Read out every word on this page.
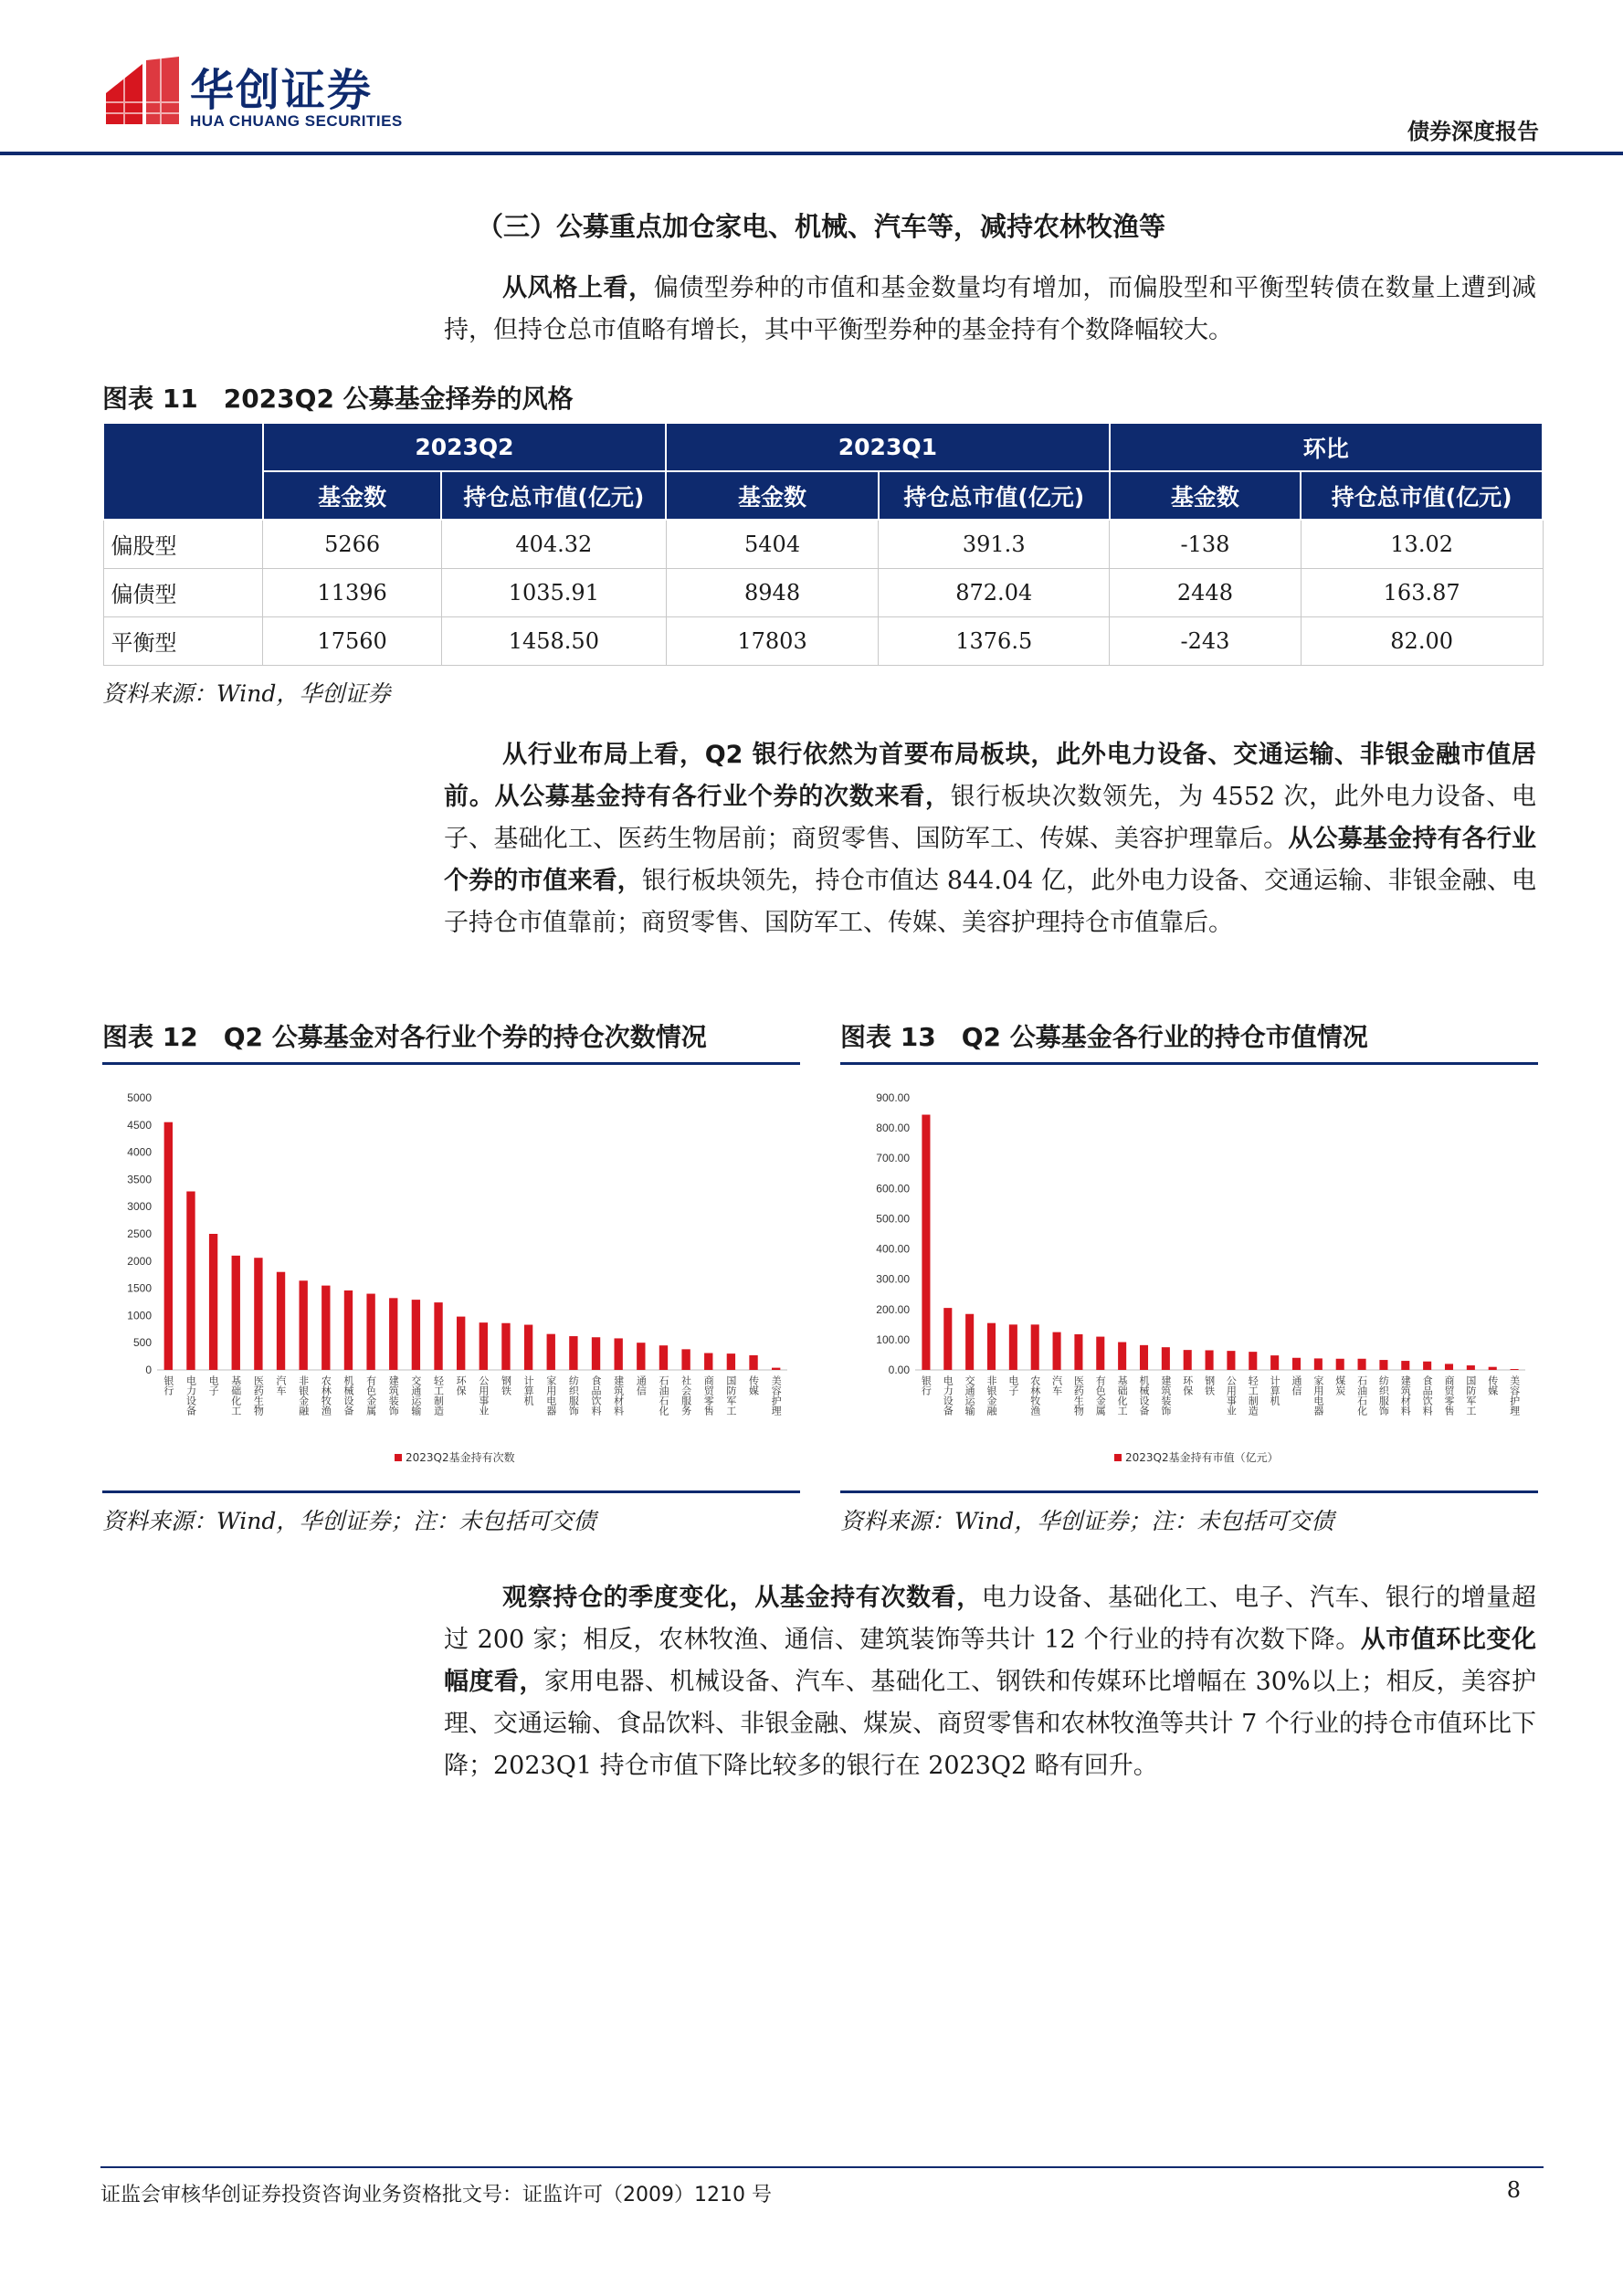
华创证券
HUA CHUANG SECURITIES	债券深度报告
（三）公募重点加仓家电、机械、汽车等，减持农林牧渔等
从风格上看，偏债型券种的市值和基金数量均有增加，而偏股型和平衡型转债在数量上遭到减持，但持仓总市值略有增长，其中平衡型券种的基金持有个数降幅较大。
图表 11　2023Q2 公募基金择券的风格
	2023Q2		2023Q1		环比	
	基金数	持仓总市值(亿元)	基金数	持仓总市值(亿元)	基金数	持仓总市值(亿元)
偏股型	5266	404.32	5404	391.3	-138	13.02
偏债型	11396	1035.91	8948	872.04	2448	163.87
平衡型	17560	1458.50	17803	1376.5	-243	82.00
资料来源：Wind，华创证券
从行业布局上看，Q2 银行依然为首要布局板块，此外电力设备、交通运输、非银金融市值居前。从公募基金持有各行业个券的次数来看，银行板块次数领先，为 4552 次，此外电力设备、电子、基础化工、医药生物居前；商贸零售、国防军工、传媒、美容护理靠后。从公募基金持有各行业个券的市值来看，银行板块领先，持仓市值达 844.04 亿，此外电力设备、交通运输、非银金融、电子持仓市值靠前；商贸零售、国防军工、传媒、美容护理持仓市值靠后。
图表 12　Q2 公募基金对各行业个券的持仓次数情况
0
500
1000
1500
2000
2500
3000
3500
4000
4500
5000
银行 电力设备 电子 基础化工 医药生物 汽车 非银金融 农林牧渔 机械设备 有色金属 建筑装饰 交通运输 轻工制造 环保 公用事业 钢铁 计算机 家用电器 纺织服饰 食品饮料 建筑材料 通信 石油石化 社会服务 商贸零售 国防军工 传媒 美容护理
2023Q2基金持有次数
资料来源：Wind，华创证券；注：未包括可交债
图表 13　Q2 公募基金各行业的持仓市值情况
0.00
100.00
200.00
300.00
400.00
500.00
600.00
700.00
800.00
900.00
银行 电力设备 交通运输 非银金融 电子 农林牧渔 汽车 医药生物 有色金属 基础化工 机械设备 建筑装饰 环保 钢铁 公用事业 轻工制造 计算机 通信 家用电器 煤炭 石油石化 纺织服饰 建筑材料 食品饮料 商贸零售 国防军工 传媒 美容护理
2023Q2基金持有市值（亿元）
资料来源：Wind，华创证券；注：未包括可交债
观察持仓的季度变化，从基金持有次数看，电力设备、基础化工、电子、汽车、银行的增量超过 200 家；相反，农林牧渔、通信、建筑装饰等共计 12 个行业的持有次数下降。从市值环比变化幅度看，家用电器、机械设备、汽车、基础化工、钢铁和传媒环比增幅在 30%以上；相反，美容护理、交通运输、食品饮料、非银金融、煤炭、商贸零售和农林牧渔等共计 7 个行业的持仓市值环比下降；2023Q1 持仓市值下降比较多的银行在 2023Q2 略有回升。
证监会审核华创证券投资咨询业务资格批文号：证监许可（2009）1210 号	8
